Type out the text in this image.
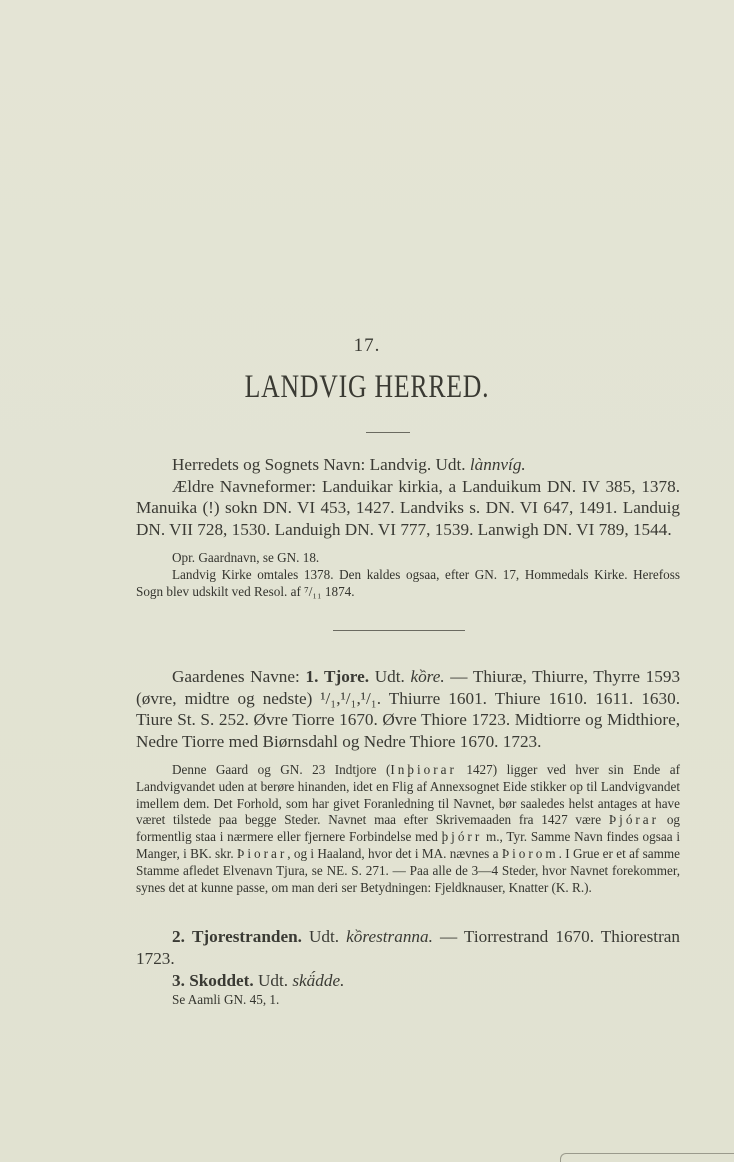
17.
LANDVIG HERRED.

Herredets og Sognets Navn: Landvig. Udt. lànnvíg.

Ældre Navneformer: Landuikar kirkia, a Landuikum DN. IV 385, 1378. Manuika (!) sokn DN. VI 453, 1427. Landviks s. DN. VI 647, 1491. Landuig DN. VII 728, 1530. Landuigh DN. VI 777, 1539. Lanwigh DN. VI 789, 1544.

Opr. Gaardnavn, se GN. 18.

Landvig Kirke omtales 1378. Den kaldes ogsaa, efter GN. 17, Hommedals Kirke. Herefoss Sogn blev udskilt ved Resol. af ⁷/₁₁ 1874.

Gaardenes Navne: 1. Tjore. Udt. kồre. — Thiuræ, Thiurre, Thyrre 1593 (øvre, midtre og nedste) ¹/₁,¹/₁,¹/₁. Thiurre 1601. Thiure 1610. 1611. 1630. Tiure St. S. 252. Øvre Tiorre 1670. Øvre Thiore 1723. Midtiorre og Midthiore, Nedre Tiorre med Biørnsdahl og Nedre Thiore 1670. 1723.

Denne Gaard og GN. 23 Indtjore (Inþiorar 1427) ligger ved hver sin Ende af Landvigvandet uden at berøre hinanden, idet en Flig af Annexsognet Eide stikker op til Landvigvandet imellem dem. Det Forhold, som har givet Foranledning til Navnet, bør saaledes helst antages at have været tilstede paa begge Steder. Navnet maa efter Skrivemaaden fra 1427 være Þjórar og formentlig staa i nærmere eller fjernere Forbindelse med þjórr m., Tyr. Samme Navn findes ogsaa i Manger, i BK. skr. Þiorar, og i Haaland, hvor det i MA. nævnes a Þiorom. I Grue er et af samme Stamme afledet Elvenavn Tjura, se NE. S. 271. — Paa alle de 3—4 Steder, hvor Navnet forekommer, synes det at kunne passe, om man deri ser Betydningen: Fjeldknauser, Knatter (K. R.).

2. Tjorestranden. Udt. kồrestranna. — Tiorrestrand 1670. Thiorestran 1723.

3. Skoddet. Udt. skä́dde.

Se Aamli GN. 45, 1.
